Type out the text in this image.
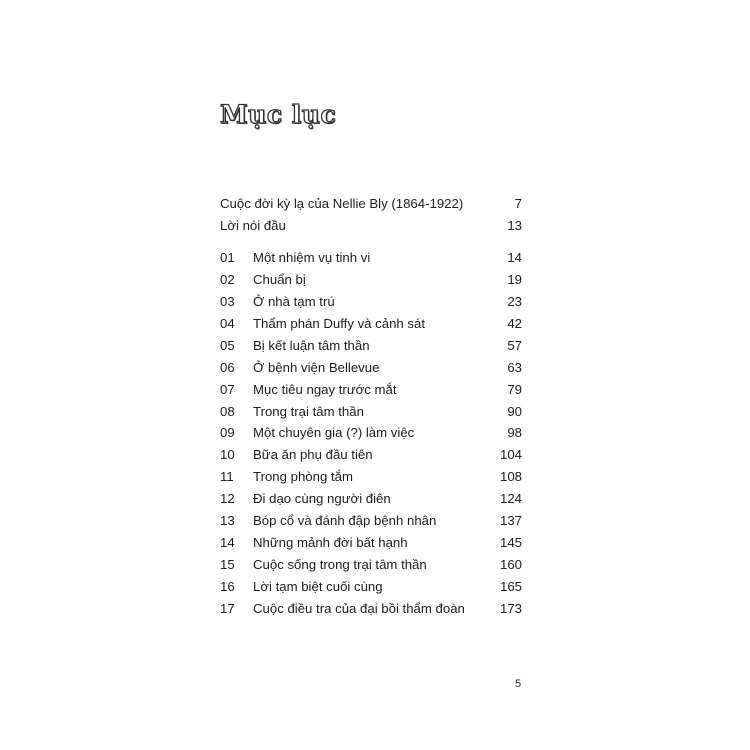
Mục lục
Cuộc đời kỳ lạ của Nellie Bly (1864-1922)	7
Lời nói đầu	13
01	Một nhiệm vụ tinh vi	14
02	Chuẩn bị	19
03	Ở nhà tạm trú	23
04	Thẩm phán Duffy và cảnh sát	42
05	Bị kết luận tâm thần	57
06	Ở bệnh viện Bellevue	63
07	Mục tiêu ngay trước mắt	79
08	Trong trại tâm thần	90
09	Một chuyên gia (?) làm việc	98
10	Bữa ăn phụ đầu tiên	104
11	Trong phòng tắm	108
12	Đi dạo cùng người điên	124
13	Bóp cổ và đánh đập bệnh nhân	137
14	Những mảnh đời bất hạnh	145
15	Cuộc sống trong trại tâm thần	160
16	Lời tạm biệt cuối cùng	165
17	Cuộc điều tra của đại bồi thẩm đoàn	173
5
